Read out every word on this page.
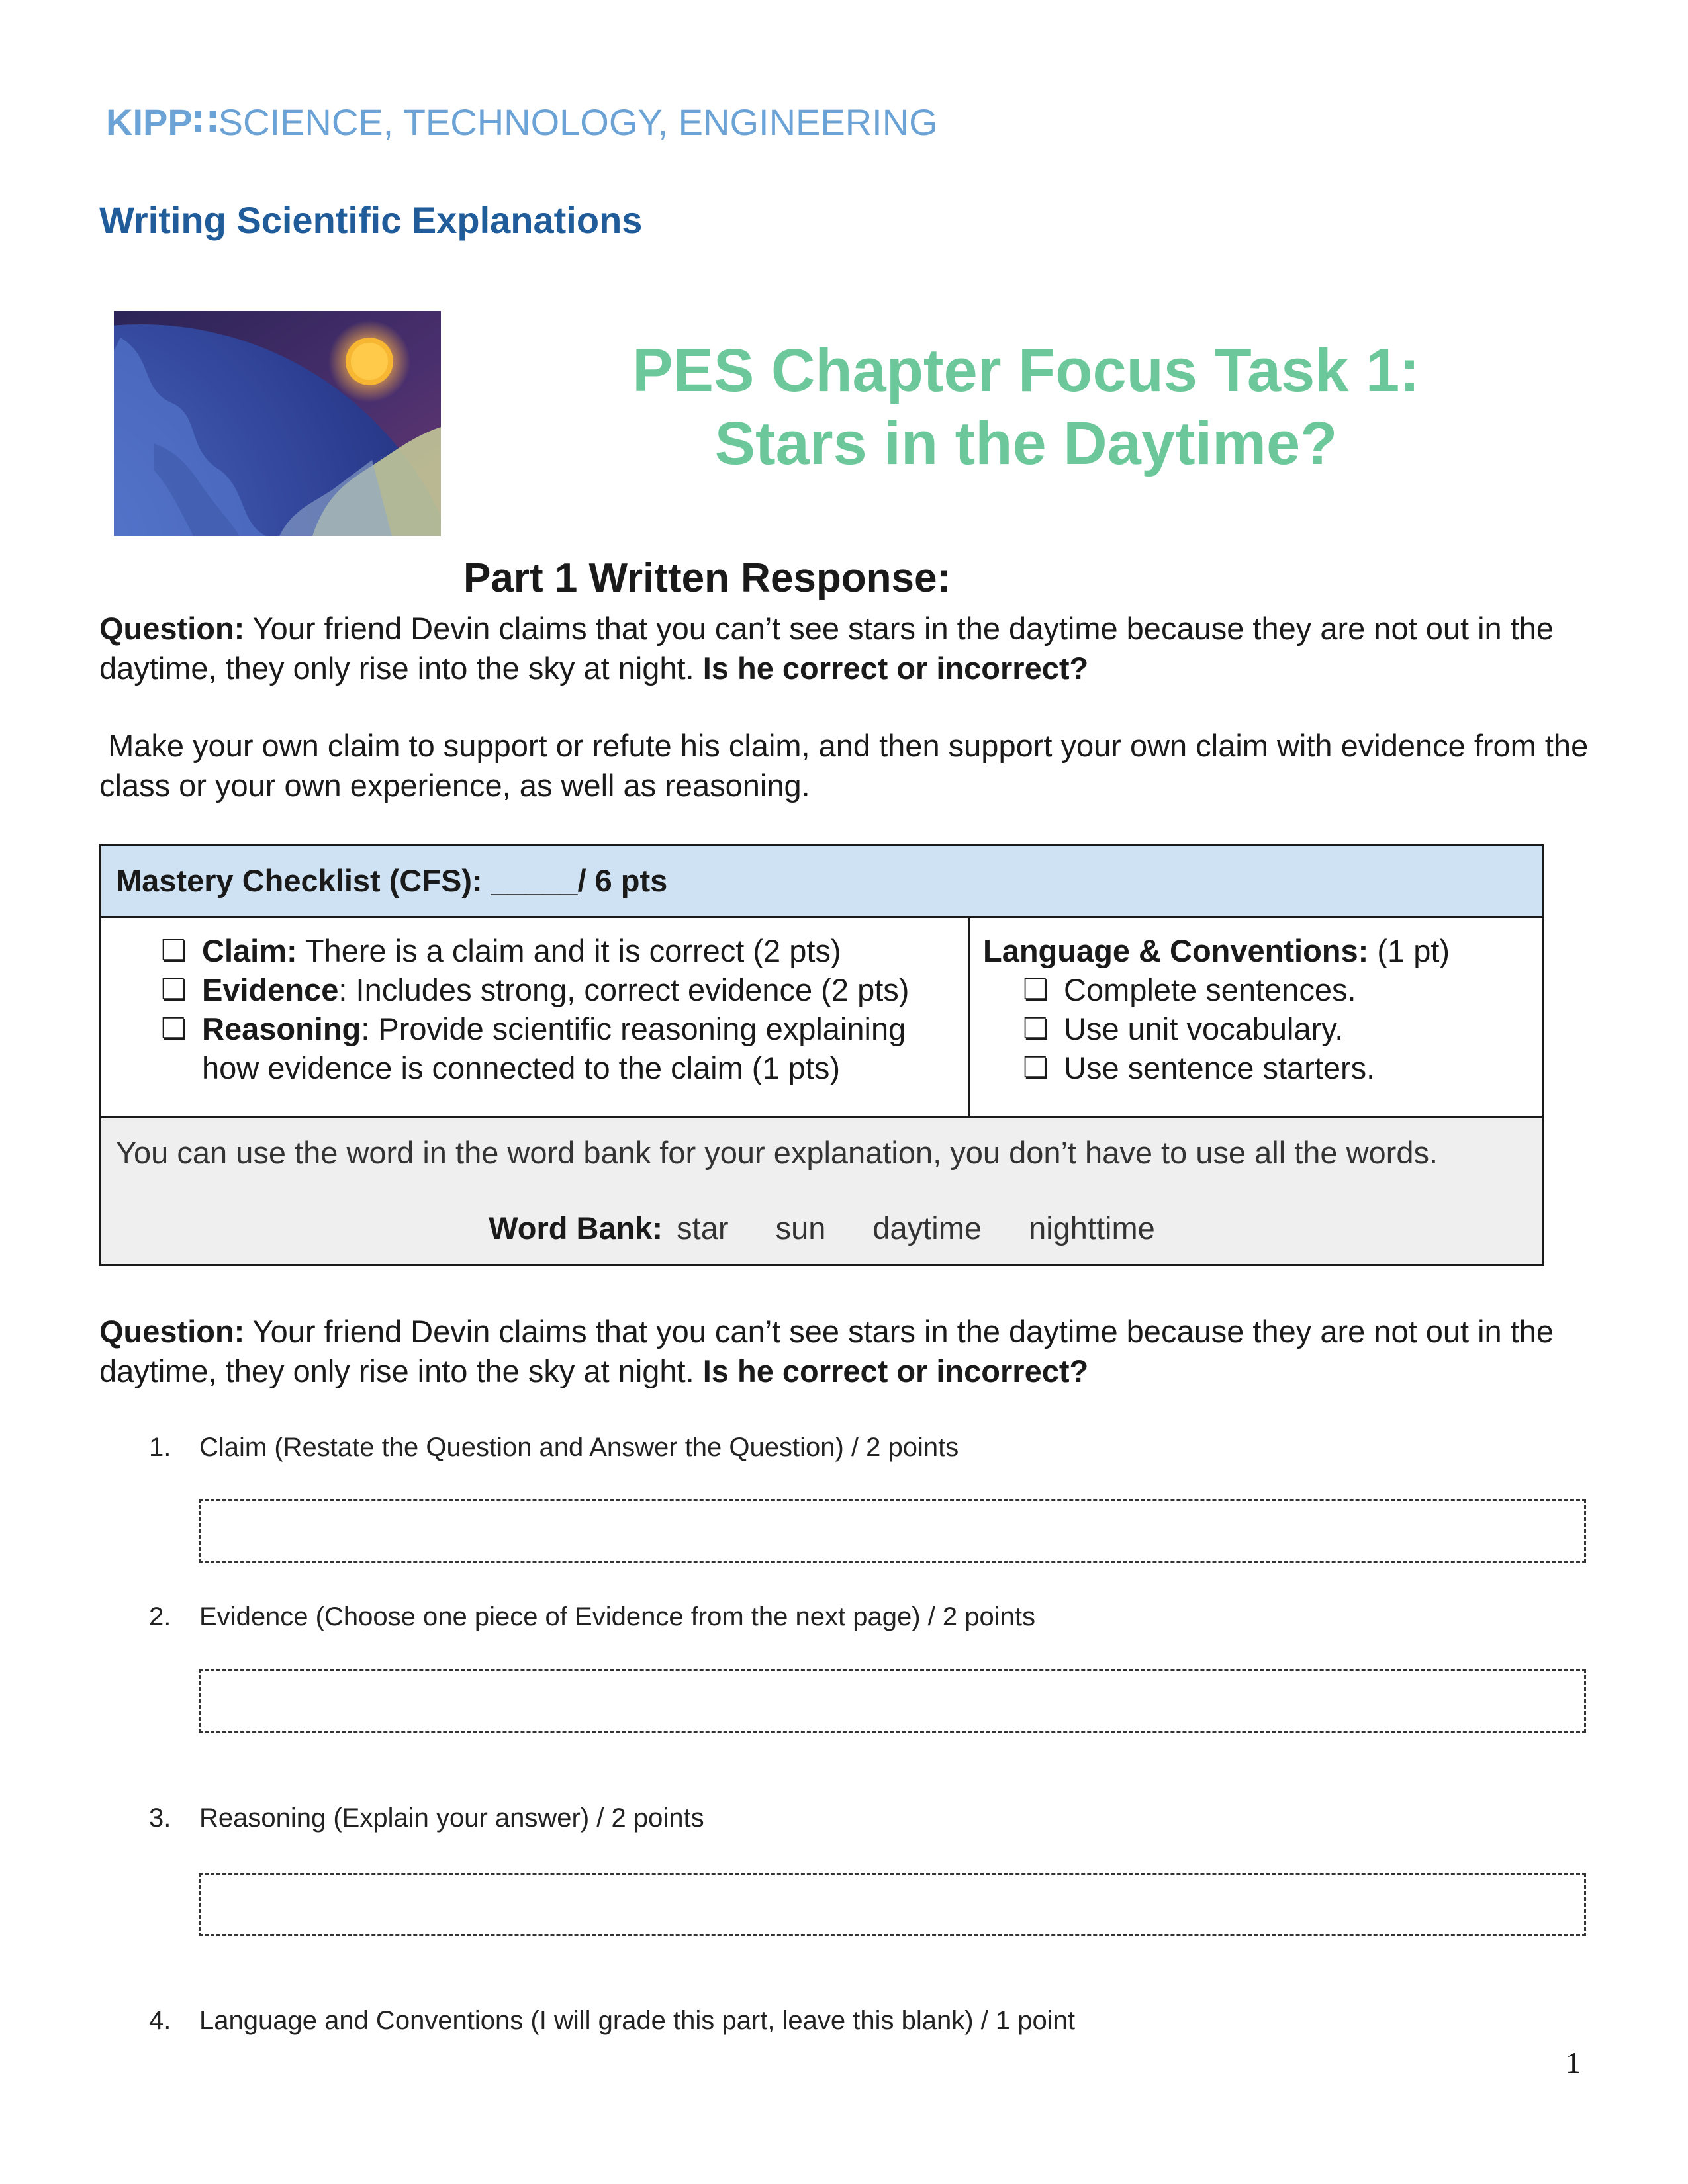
KIPP∷SCIENCE, TECHNOLOGY, ENGINEERING
Writing Scientific Explanations
PES Chapter Focus Task 1:
Stars in the Daytime?
Part 1 Written Response:
Question: Your friend Devin claims that you can’t see stars in the daytime because they are not out in the daytime, they only rise into the sky at night. Is he correct or incorrect?
Make your own claim to support or refute his claim, and then support your own claim with evidence from the class or your own experience, as well as reasoning.
Mastery Checklist (CFS): _____/ 6 pts
❏ Claim: There is a claim and it is correct (2 pts)
❏ Evidence: Includes strong, correct evidence (2 pts)
❏ Reasoning: Provide scientific reasoning explaining how evidence is connected to the claim (1 pts)
Language & Conventions: (1 pt)
❏ Complete sentences.
❏ Use unit vocabulary.
❏ Use sentence starters.
You can use the word in the word bank for your explanation, you don’t have to use all the words.
Word Bank: star sun daytime nighttime
Question: Your friend Devin claims that you can’t see stars in the daytime because they are not out in the daytime, they only rise into the sky at night. Is he correct or incorrect?
1. Claim (Restate the Question and Answer the Question) / 2 points
2. Evidence (Choose one piece of Evidence from the next page) / 2 points
3. Reasoning (Explain your answer) / 2 points
4. Language and Conventions (I will grade this part, leave this blank) / 1 point
1
